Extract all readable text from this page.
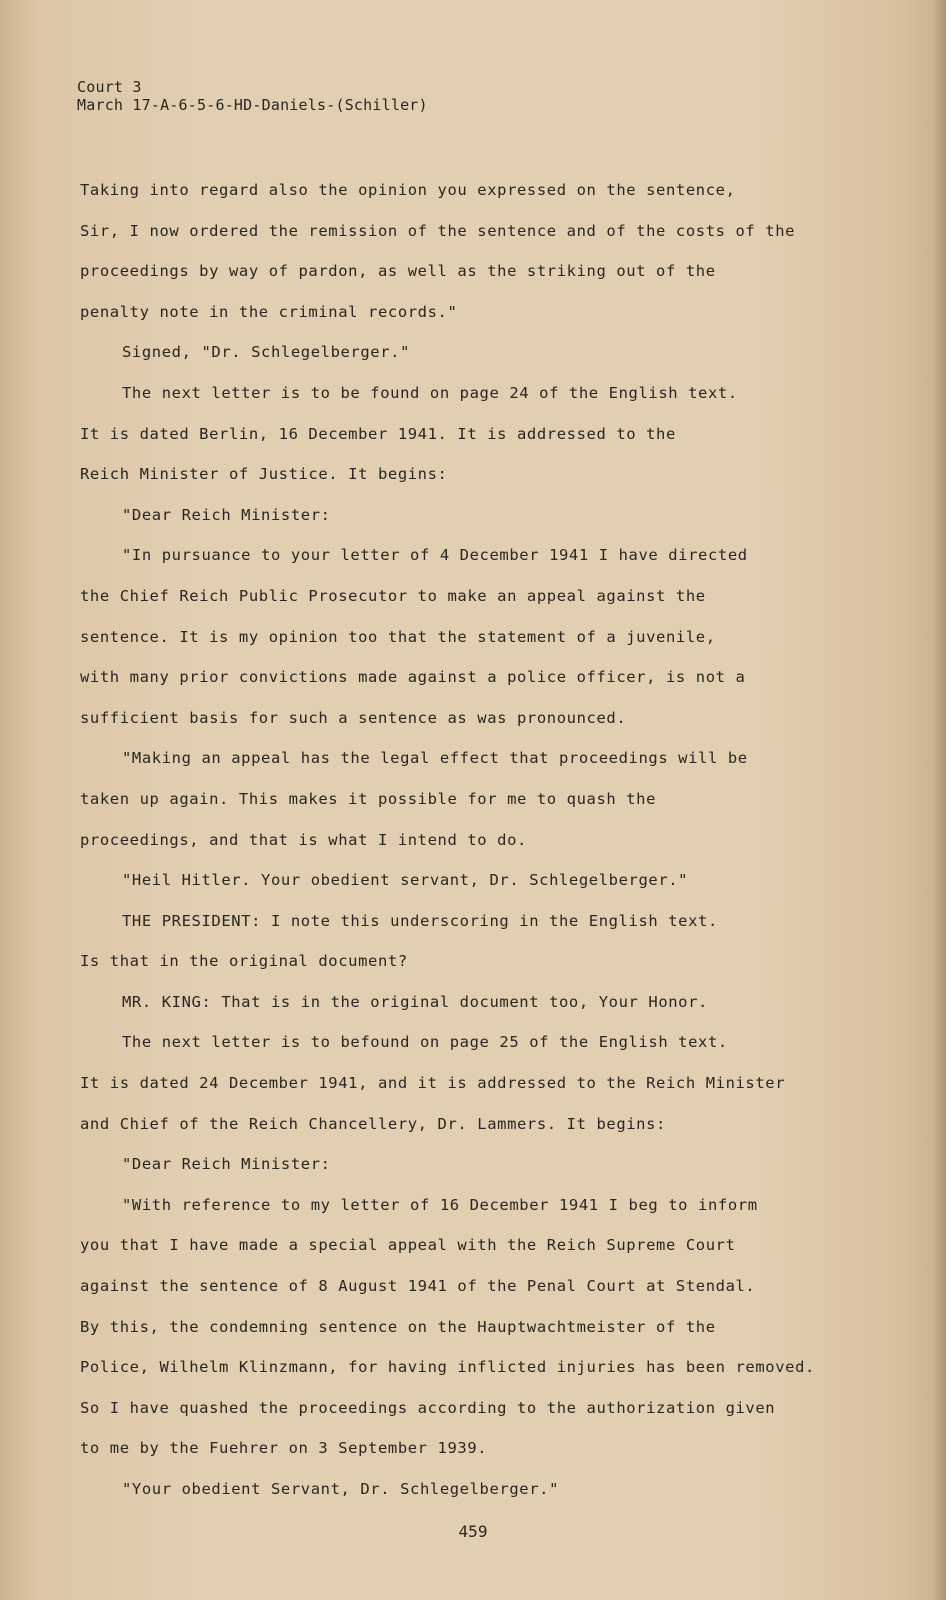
Court 3
March 17-A-6-5-6-HD-Daniels-(Schiller)
Taking into regard also the opinion you expressed on the sentence,
Sir, I now ordered the remission of the sentence and of the costs of the
proceedings by way of pardon, as well as the striking out of the
penalty note in the criminal records."
Signed, "Dr. Schlegelberger."
The next letter is to be found on page 24 of the English text.
It is dated Berlin, 16 December 1941. It is addressed to the
Reich Minister of Justice. It begins:
"Dear Reich Minister:
"In pursuance to your letter of 4 December 1941 I have directed
the Chief Reich Public Prosecutor to make an appeal against the
sentence. It is my opinion too that the statement of a juvenile,
with many prior convictions made against a police officer, is not a
sufficient basis for such a sentence as was pronounced.
"Making an appeal has the legal effect that proceedings will be
taken up again. This makes it possible for me to quash the
proceedings, and that is what I intend to do.
"Heil Hitler. Your obedient servant, Dr. Schlegelberger."
THE PRESIDENT: I note this underscoring in the English text.
Is that in the original document?
MR. KING: That is in the original document too, Your Honor.
The next letter is to befound on page 25 of the English text.
It is dated 24 December 1941, and it is addressed to the Reich Minister
and Chief of the Reich Chancellery, Dr. Lammers. It begins:
"Dear Reich Minister:
"With reference to my letter of 16 December 1941 I beg to inform
you that I have made a special appeal with the Reich Supreme Court
against the sentence of 8 August 1941 of the Penal Court at Stendal.
By this, the condemning sentence on the Hauptwachtmeister of the
Police, Wilhelm Klinzmann, for having inflicted injuries has been removed.
So I have quashed the proceedings according to the authorization given
to me by the Fuehrer on 3 September 1939.
"Your obedient Servant, Dr. Schlegelberger."
459
